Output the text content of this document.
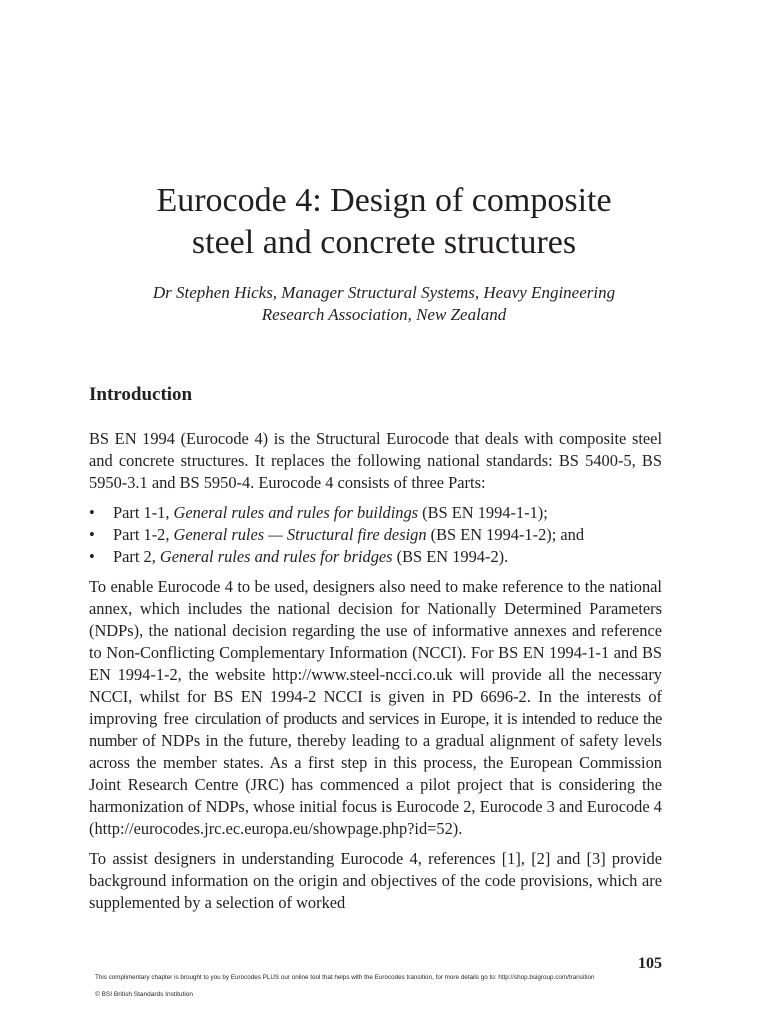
Eurocode 4: Design of composite
steel and concrete structures
Dr Stephen Hicks, Manager Structural Systems, Heavy Engineering
Research Association, New Zealand
Introduction

BS EN 1994 (Eurocode 4) is the Structural Eurocode that deals with composite steel and concrete structures. It replaces the following national standards: BS 5400-5, BS 5950-3.1 and BS 5950-4. Eurocode 4 consists of three Parts:

• Part 1-1, General rules and rules for buildings (BS EN 1994-1-1);
• Part 1-2, General rules — Structural fire design (BS EN 1994-1-2); and
• Part 2, General rules and rules for bridges (BS EN 1994-2).

To enable Eurocode 4 to be used, designers also need to make reference to the national annex, which includes the national decision for Nationally Determined Parameters (NDPs), the national decision regarding the use of informative annexes and reference to Non-Conflicting Complementary Information (NCCI). For BS EN 1994-1-1 and BS EN 1994-1-2, the website http://www.steel-ncci.co.uk will provide all the necessary NCCI, whilst for BS EN 1994-2 NCCI is given in PD 6696-2. In the interests of improving free circulation of products and services in Europe, it is intended to reduce the number of NDPs in the future, thereby leading to a gradual alignment of safety levels across the member states. As a first step in this process, the European Commission Joint Research Centre (JRC) has commenced a pilot project that is considering the harmonization of NDPs, whose initial focus is Eurocode 2, Eurocode 3 and Eurocode 4 (http://eurocodes.jrc.ec.europa.eu/showpage.php?id=52).

To assist designers in understanding Eurocode 4, references [1], [2] and [3] provide background information on the origin and objectives of the code provisions, which are supplemented by a selection of worked

105
This complimentary chapter is brought to you by Eurocodes PLUS our online tool that helps with the Eurocodes transition, for more details go to: http://shop.bsigroup.com/transition
© BSI British Standards Institution
